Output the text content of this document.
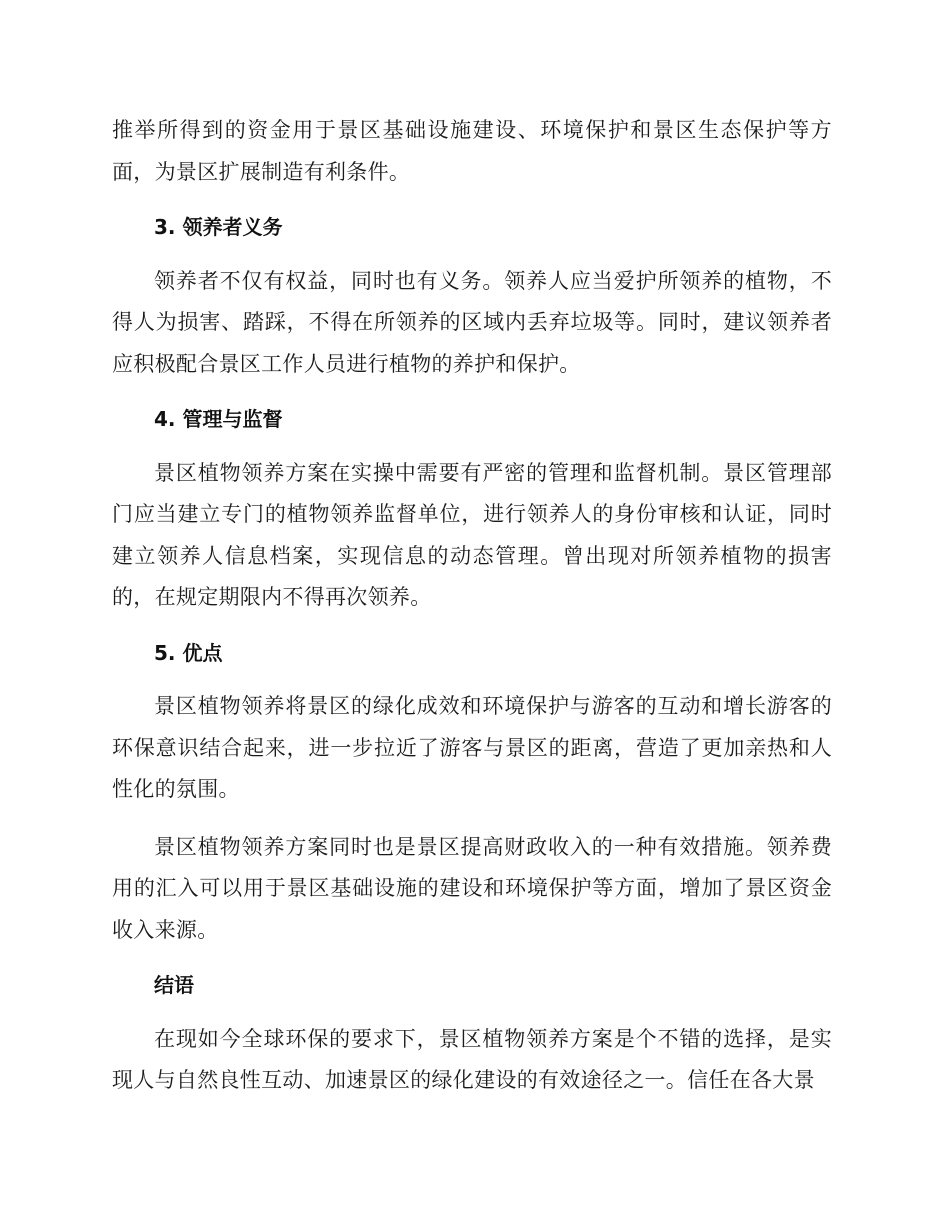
推举所得到的资金用于景区基础设施建设、环境保护和景区生态保护等方面，为景区扩展制造有利条件。

3. 领养者义务

领养者不仅有权益，同时也有义务。领养人应当爱护所领养的植物，不得人为损害、踏踩，不得在所领养的区域内丢弃垃圾等。同时，建议领养者应积极配合景区工作人员进行植物的养护和保护。

4. 管理与监督

景区植物领养方案在实操中需要有严密的管理和监督机制。景区管理部门应当建立专门的植物领养监督单位，进行领养人的身份审核和认证，同时建立领养人信息档案，实现信息的动态管理。曾出现对所领养植物的损害的，在规定期限内不得再次领养。

5. 优点

景区植物领养将景区的绿化成效和环境保护与游客的互动和增长游客的环保意识结合起来，进一步拉近了游客与景区的距离，营造了更加亲热和人性化的氛围。

景区植物领养方案同时也是景区提高财政收入的一种有效措施。领养费用的汇入可以用于景区基础设施的建设和环境保护等方面，增加了景区资金收入来源。

结语

在现如今全球环保的要求下，景区植物领养方案是个不错的选择，是实现人与自然良性互动、加速景区的绿化建设的有效途径之一。信任在各大景
